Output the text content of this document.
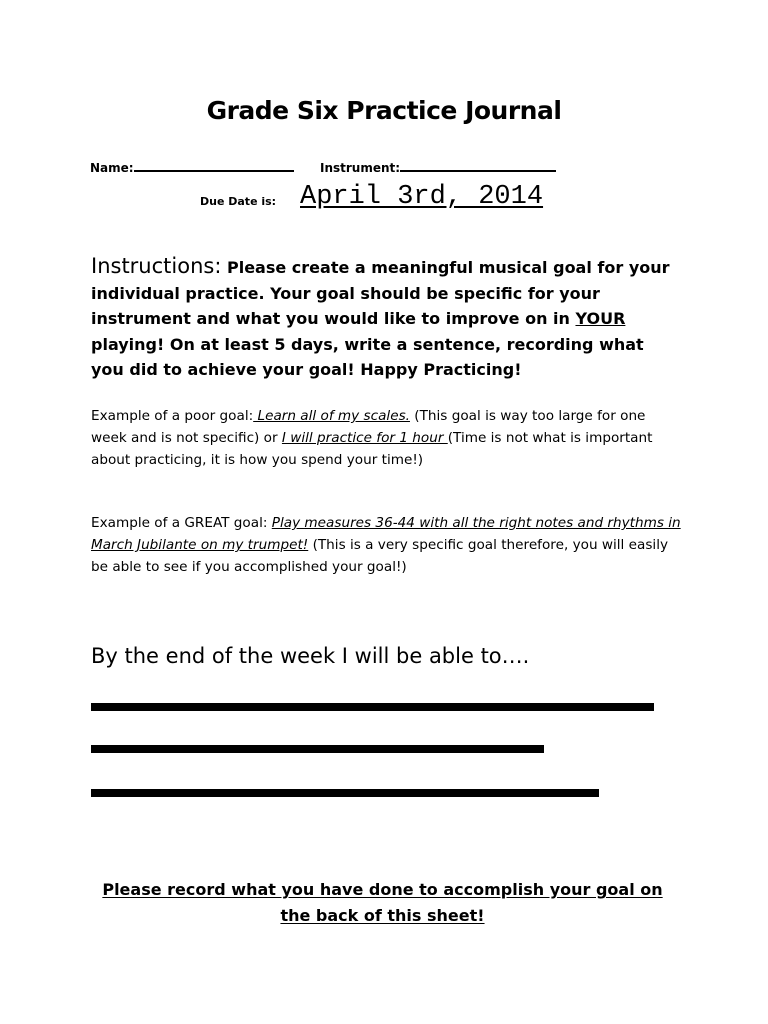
Grade Six Practice Journal
Name:	Instrument:
Due Date is: April 3rd, 2014
Instructions: Please create a meaningful musical goal for your individual practice. Your goal should be specific for your instrument and what you would like to improve on in YOUR playing! On at least 5 days, write a sentence, recording what you did to achieve your goal! Happy Practicing!
Example of a poor goal: Learn all of my scales. (This goal is way too large for one week and is not specific) or I will practice for 1 hour (Time is not what is important about practicing, it is how you spend your time!)
Example of a GREAT goal: Play measures 36-44 with all the right notes and rhythms in March Jubilante on my trumpet! (This is a very specific goal therefore, you will easily be able to see if you accomplished your goal!)
By the end of the week I will be able to….
Please record what you have done to accomplish your goal on the back of this sheet!
